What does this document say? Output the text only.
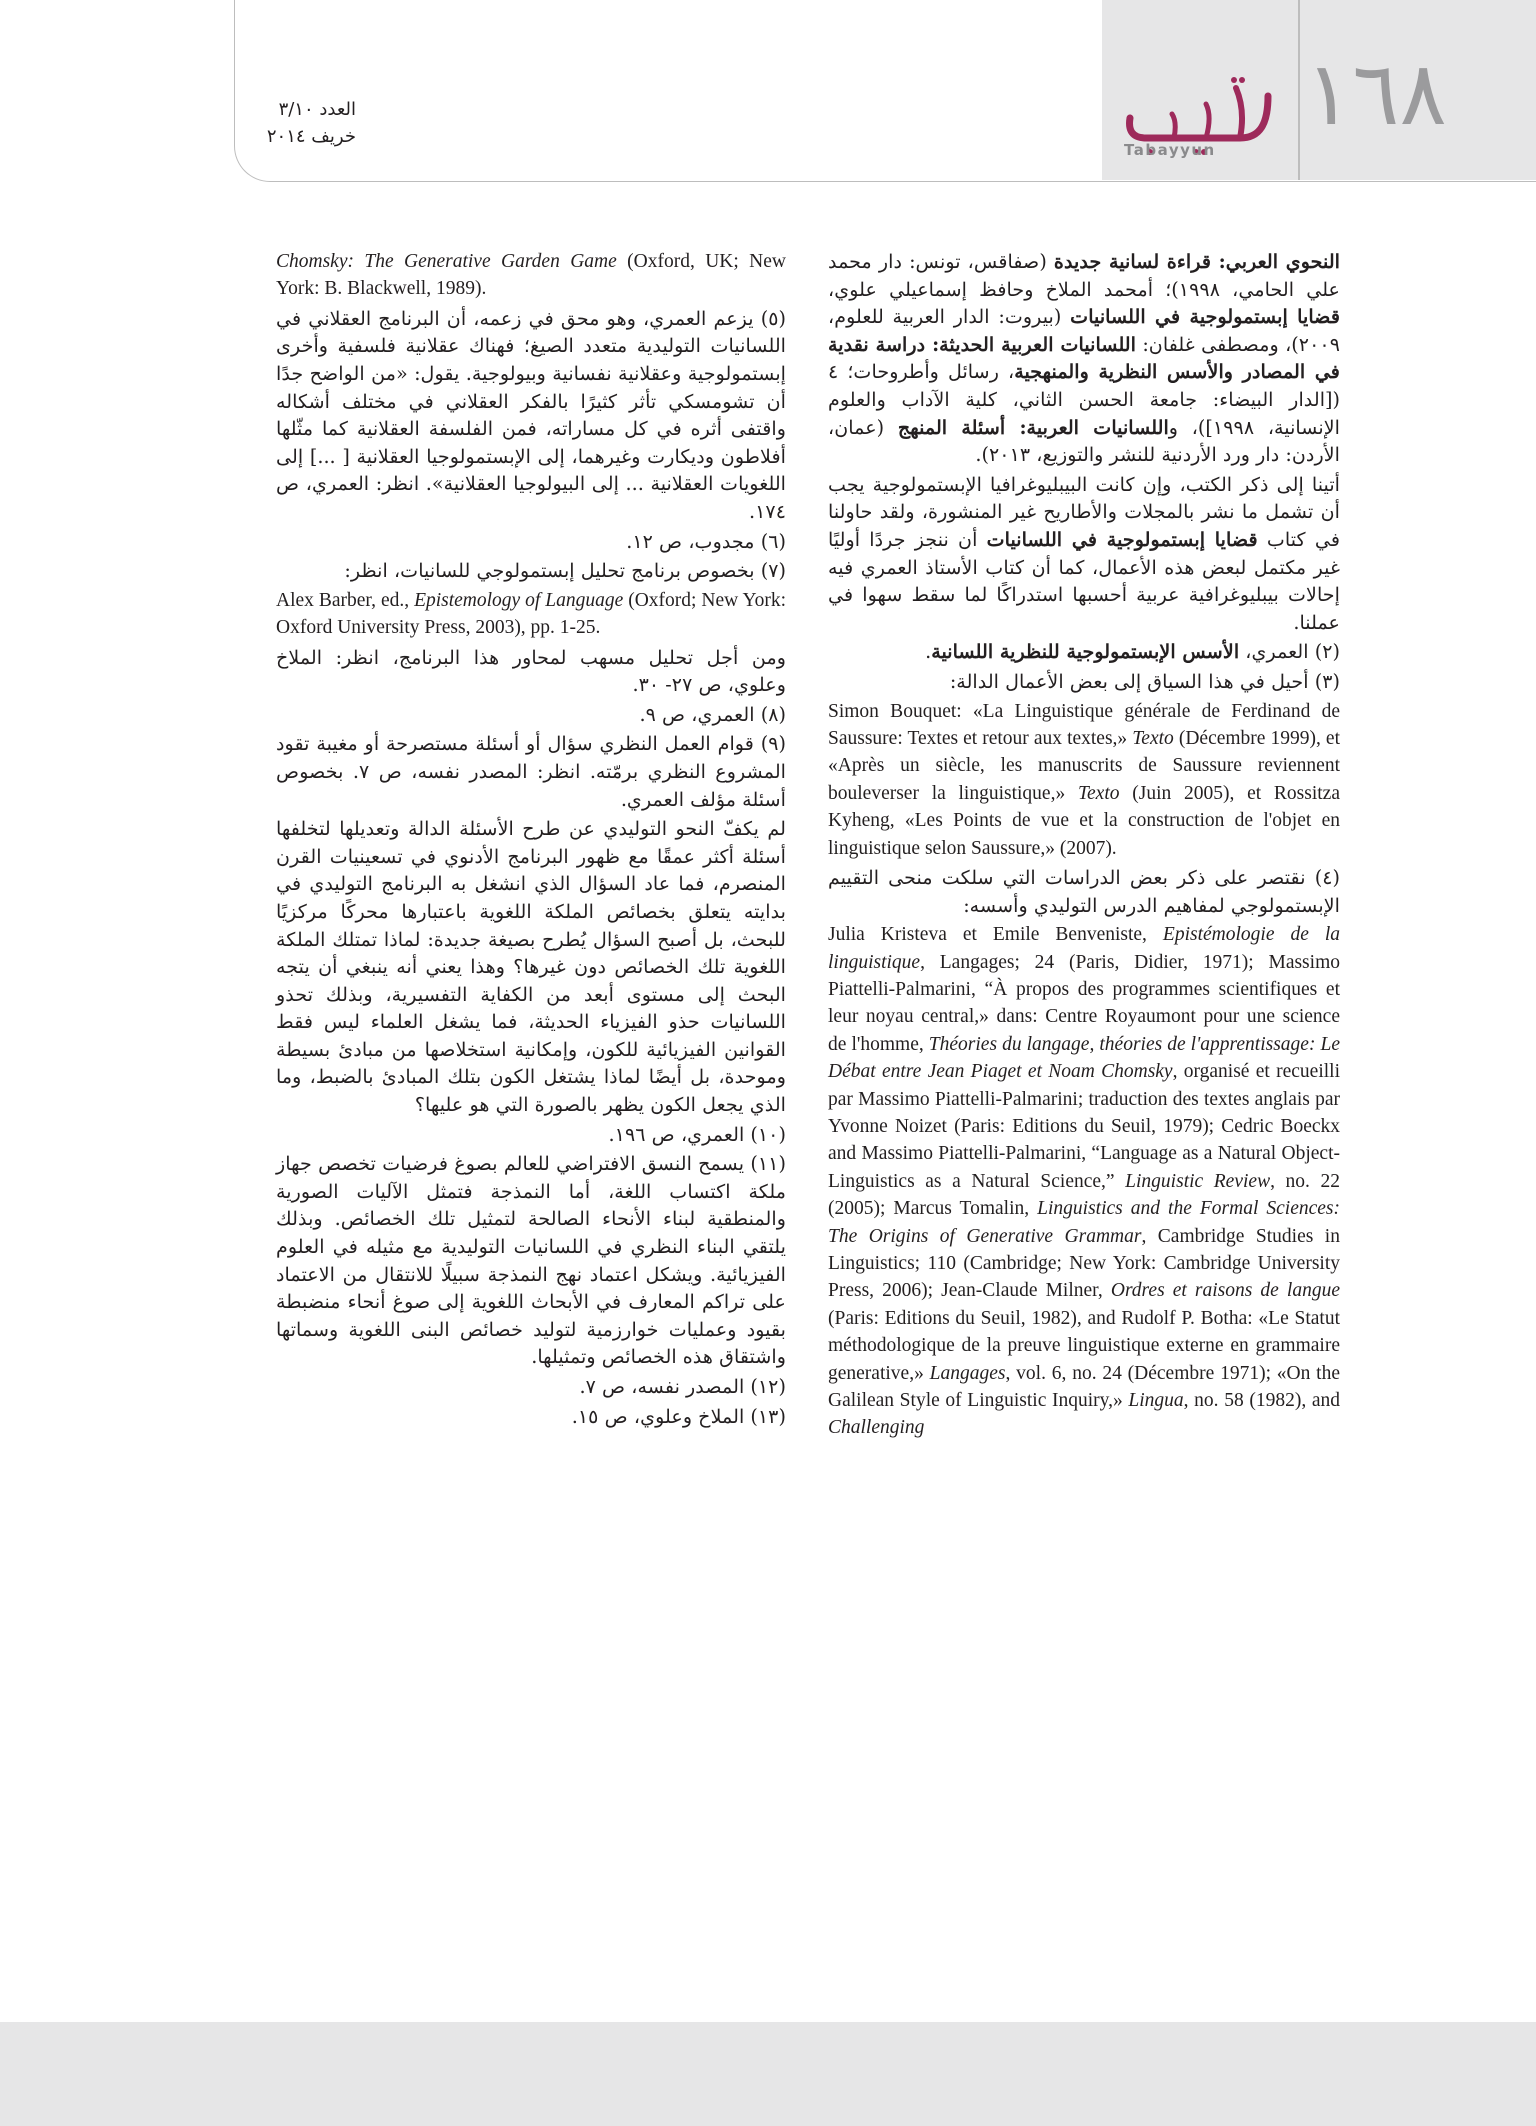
١٦٨
Tabayyun
العدد ٣/١٠
خريف ٢٠١٤

النحوي العربي: قراءة لسانية جديدة (صفاقس، تونس: دار محمد علي الحامي، ١٩٩٨)؛ أمحمد الملاخ وحافظ إسماعيلي علوي، قضايا إبستمولوجية في اللسانيات (بيروت: الدار العربية للعلوم، ٢٠٠٩)، ومصطفى غلفان: اللسانيات العربية الحديثة: دراسة نقدية في المصادر والأسس النظرية والمنهجية، رسائل وأطروحات؛ ٤ ([الدار البيضاء: جامعة الحسن الثاني، كلية الآداب والعلوم الإنسانية، ١٩٩٨])، واللسانيات العربية: أسئلة المنهج (عمان، الأردن: دار ورد الأردنية للنشر والتوزيع، ٢٠١٣).

أتينا إلى ذكر الكتب، وإن كانت البيبليوغرافيا الإبستمولوجية يجب أن تشمل ما نشر بالمجلات والأطاريح غير المنشورة، ولقد حاولنا في كتاب قضايا إبستمولوجية في اللسانيات أن ننجز جردًا أوليًا غير مكتمل لبعض هذه الأعمال، كما أن كتاب الأستاذ العمري فيه إحالات بيبليوغرافية عربية أحسبها استدراكًا لما سقط سهوا في عملنا.

(٢) العمري، الأسس الإبستمولوجية للنظرية اللسانية.

(٣) أحيل في هذا السياق إلى بعض الأعمال الدالة:

Simon Bouquet: «La Linguistique générale de Ferdinand de Saussure: Textes et retour aux textes,» Texto (Décembre 1999), et «Après un siècle, les manuscrits de Saussure reviennent bouleverser la linguistique,» Texto (Juin 2005), et Rossitza Kyheng, «Les Points de vue et la construction de l'objet en linguistique selon Saussure,» (2007).

(٤) نقتصر على ذكر بعض الدراسات التي سلكت منحى التقييم الإبستمولوجي لمفاهيم الدرس التوليدي وأسسه:

Julia Kristeva et Emile Benveniste, Epistémologie de la linguistique, Langages; 24 (Paris, Didier, 1971); Massimo Piattelli-Palmarini, “À propos des programmes scientifiques et leur noyau central,» dans: Centre Royaumont pour une science de l'homme, Théories du langage, théories de l'apprentissage: Le Débat entre Jean Piaget et Noam Chomsky, organisé et recueilli par Massimo Piattelli-Palmarini; traduction des textes anglais par Yvonne Noizet (Paris: Editions du Seuil, 1979); Cedric Boeckx and Massimo Piattelli-Palmarini, “Language as a Natural Object-Linguistics as a Natural Science,” Linguistic Review, no. 22 (2005); Marcus Tomalin, Linguistics and the Formal Sciences: The Origins of Generative Grammar, Cambridge Studies in Linguistics; 110 (Cambridge; New York: Cambridge University Press, 2006); Jean-Claude Milner, Ordres et raisons de langue (Paris: Editions du Seuil, 1982), and Rudolf P. Botha: «Le Statut méthodologique de la preuve linguistique externe en grammaire generative,» Langages, vol. 6, no. 24 (Décembre 1971); «On the Galilean Style of Linguistic Inquiry,» Lingua, no. 58 (1982), and Challenging

Chomsky: The Generative Garden Game (Oxford, UK; New York: B. Blackwell, 1989).

(٥) يزعم العمري، وهو محق في زعمه، أن البرنامج العقلاني في اللسانيات التوليدية متعدد الصيغ؛ فهناك عقلانية فلسفية وأخرى إبستمولوجية وعقلانية نفسانية وبيولوجية. يقول: «من الواضح جدًا أن تشومسكي تأثر كثيرًا بالفكر العقلاني في مختلف أشكاله واقتفى أثره في كل مساراته، فمن الفلسفة العقلانية كما مثّلها أفلاطون وديكارت وغيرهما، إلى الإبستمولوجيا العقلانية [ ...] إلى اللغويات العقلانية ... إلى البيولوجيا العقلانية». انظر: العمري، ص ١٧٤.

(٦) مجدوب، ص ١٢.

(٧) بخصوص برنامج تحليل إبستمولوجي للسانيات، انظر:

Alex Barber, ed., Epistemology of Language (Oxford; New York: Oxford University Press, 2003), pp. 1-25.

ومن أجل تحليل مسهب لمحاور هذا البرنامج، انظر: الملاخ وعلوي، ص ٢٧- ٣٠.

(٨) العمري، ص ٩.

(٩) قوام العمل النظري سؤال أو أسئلة مستصرحة أو مغيبة تقود المشروع النظري برمّته. انظر: المصدر نفسه، ص ٧. بخصوص أسئلة مؤلف العمري.

لم يكفّ النحو التوليدي عن طرح الأسئلة الدالة وتعديلها لتخلفها أسئلة أكثر عمقًا مع ظهور البرنامج الأدنوي في تسعينيات القرن المنصرم، فما عاد السؤال الذي انشغل به البرنامج التوليدي في بدايته يتعلق بخصائص الملكة اللغوية باعتبارها محركًا مركزيًا للبحث، بل أصبح السؤال يُطرح بصيغة جديدة: لماذا تمتلك الملكة اللغوية تلك الخصائص دون غيرها؟ وهذا يعني أنه ينبغي أن يتجه البحث إلى مستوى أبعد من الكفاية التفسيرية، وبذلك تحذو اللسانيات حذو الفيزياء الحديثة، فما يشغل العلماء ليس فقط القوانين الفيزيائية للكون، وإمكانية استخلاصها من مبادئ بسيطة وموحدة، بل أيضًا لماذا يشتغل الكون بتلك المبادئ بالضبط، وما الذي يجعل الكون يظهر بالصورة التي هو عليها؟

(١٠) العمري، ص ١٩٦.

(١١) يسمح النسق الافتراضي للعالم بصوغ فرضيات تخصص جهاز ملكة اكتساب اللغة، أما النمذجة فتمثل الآليات الصورية والمنطقية لبناء الأنحاء الصالحة لتمثيل تلك الخصائص. وبذلك يلتقي البناء النظري في اللسانيات التوليدية مع مثيله في العلوم الفيزيائية. ويشكل اعتماد نهج النمذجة سبيلًا للانتقال من الاعتماد على تراكم المعارف في الأبحاث اللغوية إلى صوغ أنحاء منضبطة بقيود وعمليات خوارزمية لتوليد خصائص البنى اللغوية وسماتها واشتقاق هذه الخصائص وتمثيلها.

(١٢) المصدر نفسه، ص ٧.

(١٣) الملاخ وعلوي، ص ١٥.
